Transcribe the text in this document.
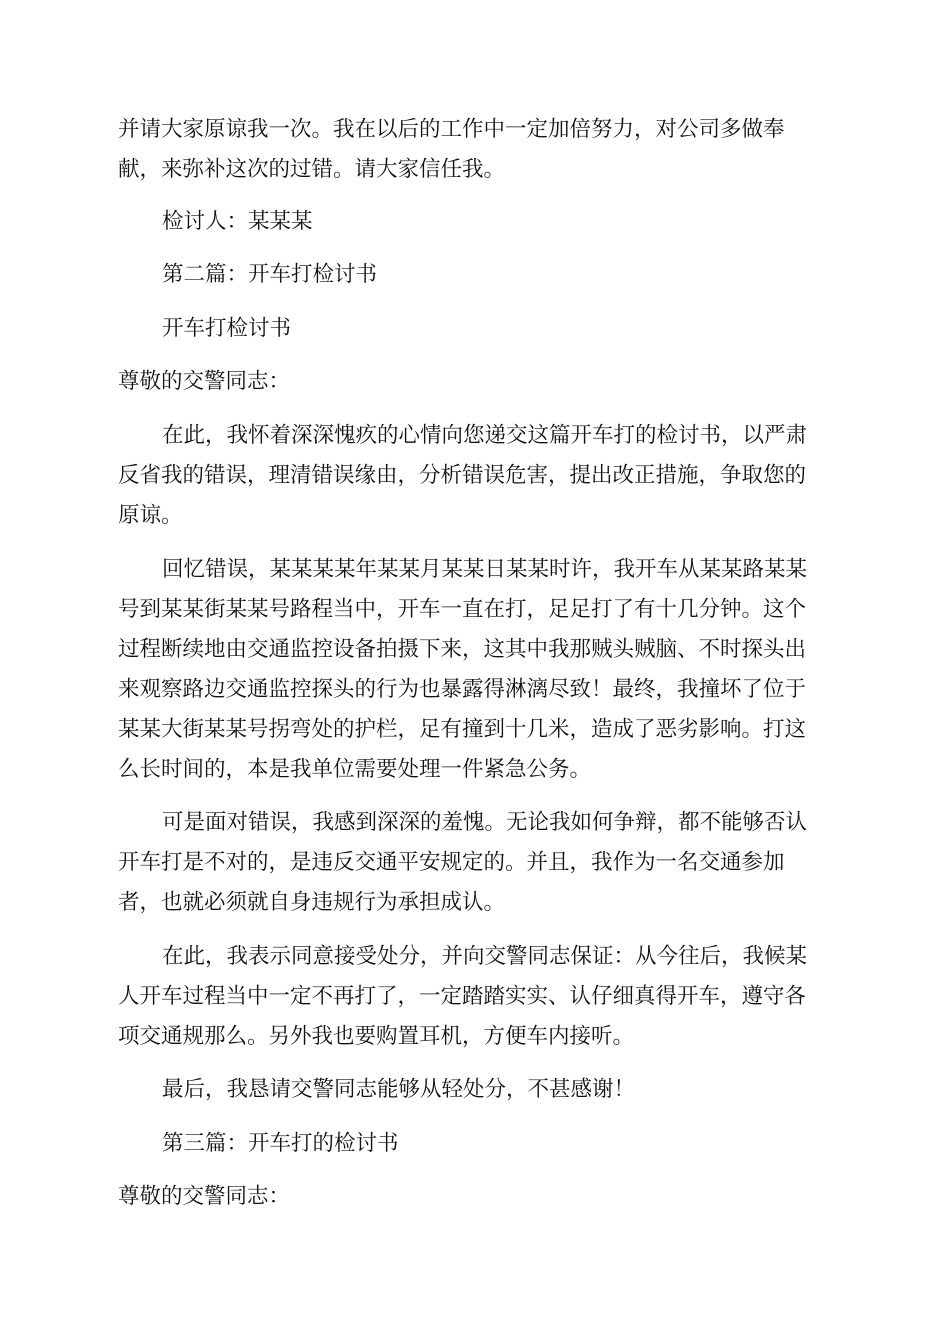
并请大家原谅我一次。我在以后的工作中一定加倍努力，对公司多做奉

献，来弥补这次的过错。请大家信任我。

检讨人：某某某

第二篇：开车打检讨书

开车打检讨书

尊敬的交警同志：

在此，我怀着深深愧疚的心情向您递交这篇开车打的检讨书，以严肃

反省我的错误，理清错误缘由，分析错误危害，提出改正措施，争取您的

原谅。

回忆错误，某某某某年某某月某某日某某时许，我开车从某某路某某

号到某某街某某号路程当中，开车一直在打，足足打了有十几分钟。这个

过程断续地由交通监控设备拍摄下来，这其中我那贼头贼脑、不时探头出

来观察路边交通监控探头的行为也暴露得淋漓尽致！最终，我撞坏了位于

某某大街某某号拐弯处的护栏，足有撞到十几米，造成了恶劣影响。打这

么长时间的，本是我单位需要处理一件紧急公务。

可是面对错误，我感到深深的羞愧。无论我如何争辩，都不能够否认

开车打是不对的，是违反交通平安规定的。并且，我作为一名交通参加

者，也就必须就自身违规行为承担成认。

在此，我表示同意接受处分，并向交警同志保证：从今往后，我候某

人开车过程当中一定不再打了，一定踏踏实实、认仔细真得开车，遵守各

项交通规那么。另外我也要购置耳机，方便车内接听。

最后，我恳请交警同志能够从轻处分，不甚感谢！

第三篇：开车打的检讨书

尊敬的交警同志：
